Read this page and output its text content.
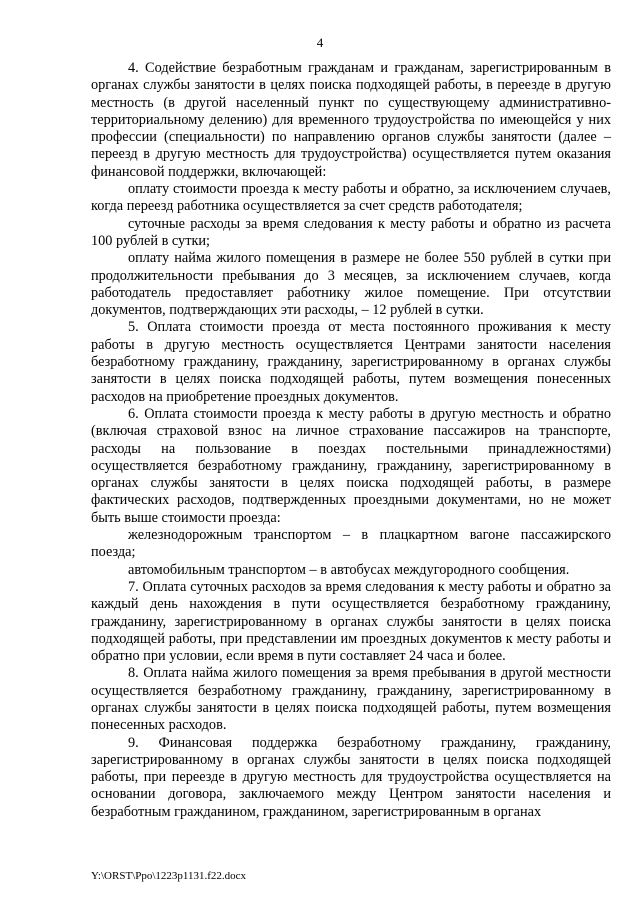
4

4. Содействие безработным гражданам и гражданам, зарегистрированным в органах службы занятости в целях поиска подходящей работы, в переезде в другую местность (в другой населенный пункт по существующему административно-территориальному делению) для временного трудоустройства по имеющейся у них профессии (специальности) по направлению органов службы занятости (далее – переезд в другую местность для трудоустройства) осуществляется путем оказания финансовой поддержки, включающей:

оплату стоимости проезда к месту работы и обратно, за исключением случаев, когда переезд работника осуществляется за счет средств работодателя;

суточные расходы за время следования к месту работы и обратно из расчета 100 рублей в сутки;

оплату найма жилого помещения в размере не более 550 рублей в сутки при продолжительности пребывания до 3 месяцев, за исключением случаев, когда работодатель предоставляет работнику жилое помещение. При отсутствии документов, подтверждающих эти расходы, – 12 рублей в сутки.

5. Оплата стоимости проезда от места постоянного проживания к месту работы в другую местность осуществляется Центрами занятости населения безработному гражданину, гражданину, зарегистрированному в органах службы занятости в целях поиска подходящей работы, путем возмещения понесенных расходов на приобретение проездных документов.

6. Оплата стоимости проезда к месту работы в другую местность и обратно (включая страховой взнос на личное страхование пассажиров на транспорте, расходы на пользование в поездах постельными принадлежностями) осуществляется безработному гражданину, гражданину, зарегистрированному в органах службы занятости в целях поиска подходящей работы, в размере фактических расходов, подтвержденных проездными документами, но не может быть выше стоимости проезда:

железнодорожным транспортом – в плацкартном вагоне пассажирского поезда;

автомобильным транспортом – в автобусах междугородного сообщения.

7. Оплата суточных расходов за время следования к месту работы и обратно за каждый день нахождения в пути осуществляется безработному гражданину, гражданину, зарегистрированному в органах службы занятости в целях поиска подходящей работы, при представлении им проездных документов к месту работы и обратно при условии, если время в пути составляет 24 часа и более.

8. Оплата найма жилого помещения за время пребывания в другой местности осуществляется безработному гражданину, гражданину, зарегистрированному в органах службы занятости в целях поиска подходящей работы, путем возмещения понесенных расходов.

9. Финансовая поддержка безработному гражданину, гражданину, зарегистрированному в органах службы занятости в целях поиска подходящей работы, при переезде в другую местность для трудоустройства осуществляется на основании договора, заключаемого между Центром занятости населения и безработным гражданином, гражданином, зарегистрированным в органах

Y:\ORST\Ppo\1223p1131.f22.docx
